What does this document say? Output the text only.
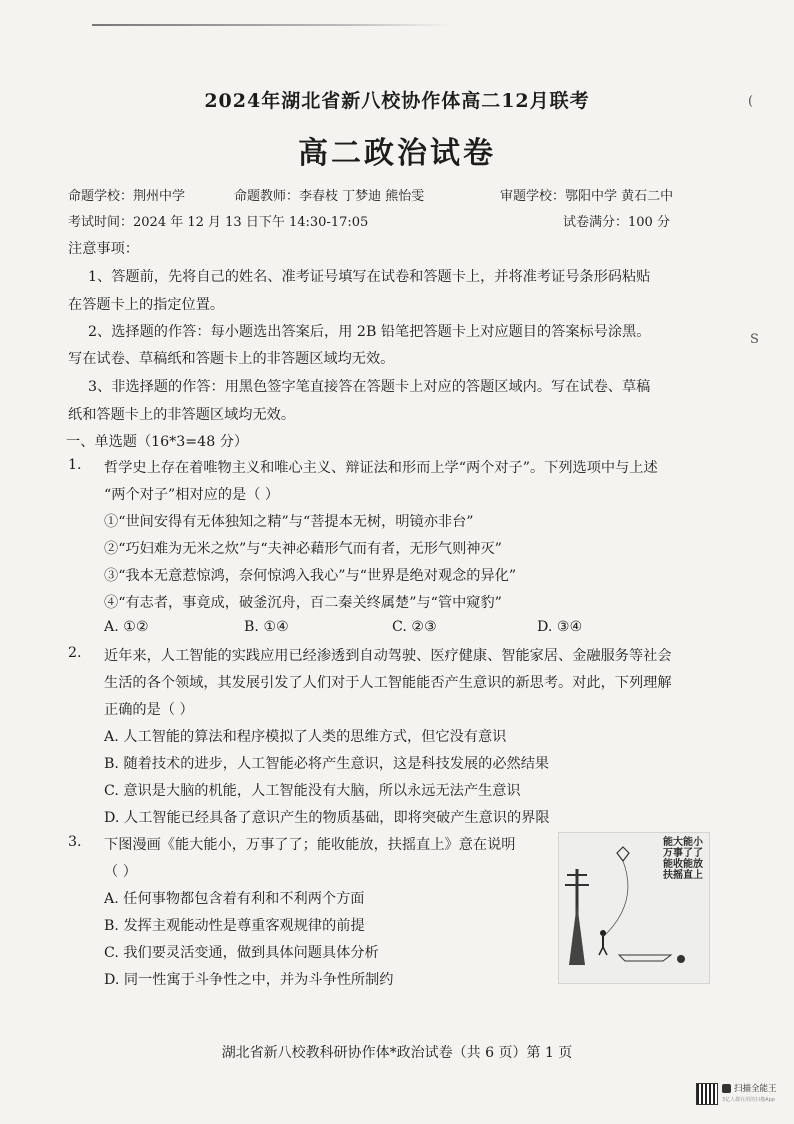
(
S
2024年湖北省新八校协作体高二12月联考
高二政治试卷
命题学校：荆州中学	命题教师：李春枝 丁梦迪 熊怡雯	审题学校：鄂阳中学 黄石二中
考试时间：2024 年 12 月 13 日下午 14:30-17:05	试卷满分：100 分
注意事项：
1、答题前，先将自己的姓名、准考证号填写在试卷和答题卡上，并将准考证号条形码粘贴
在答题卡上的指定位置。
2、选择题的作答：每小题选出答案后，用 2B 铅笔把答题卡上对应题目的答案标号涂黑。
写在试卷、草稿纸和答题卡上的非答题区域均无效。
3、非选择题的作答：用黑色签字笔直接答在答题卡上对应的答题区域内。写在试卷、草稿
纸和答题卡上的非答题区域均无效。
一、单选题（16*3=48 分）
1. 哲学史上存在着唯物主义和唯心主义、辩证法和形而上学“两个对子”。下列选项中与上述
“两个对子”相对应的是（ ）
①“世间安得有无体独知之精”与“菩提本无树，明镜亦非台”
②“巧妇难为无米之炊”与“夫神必藉形气而有者，无形气则神灭”
③“我本无意惹惊鸿，奈何惊鸿入我心”与“世界是绝对观念的异化”
④“有志者，事竟成，破釜沉舟，百二秦关终属楚”与“管中窥豹”
A. ①②	B. ①④	C. ②③	D. ③④
2. 近年来，人工智能的实践应用已经渗透到自动驾驶、医疗健康、智能家居、金融服务等社会
生活的各个领域，其发展引发了人们对于人工智能能否产生意识的新思考。对此，下列理解
正确的是（ ）
A. 人工智能的算法和程序模拟了人类的思维方式，但它没有意识
B. 随着技术的进步，人工智能必将产生意识，这是科技发展的必然结果
C. 意识是大脑的机能，人工智能没有大脑，所以永远无法产生意识
D. 人工智能已经具备了意识产生的物质基础，即将突破产生意识的界限
3. 下图漫画《能大能小，万事了了；能收能放，扶摇直上》意在说明
（ ）
A. 任何事物都包含着有利和不利两个方面
B. 发挥主观能动性是尊重客观规律的前提
C. 我们要灵活变通，做到具体问题具体分析
D. 同一性寓于斗争性之中，并为斗争性所制约
能大能小万事了了能收能放扶摇直上
湖北省新八校教科研协作体*政治试卷（共 6 页）第 1 页
扫描全能王
3亿人都在用的扫描App
